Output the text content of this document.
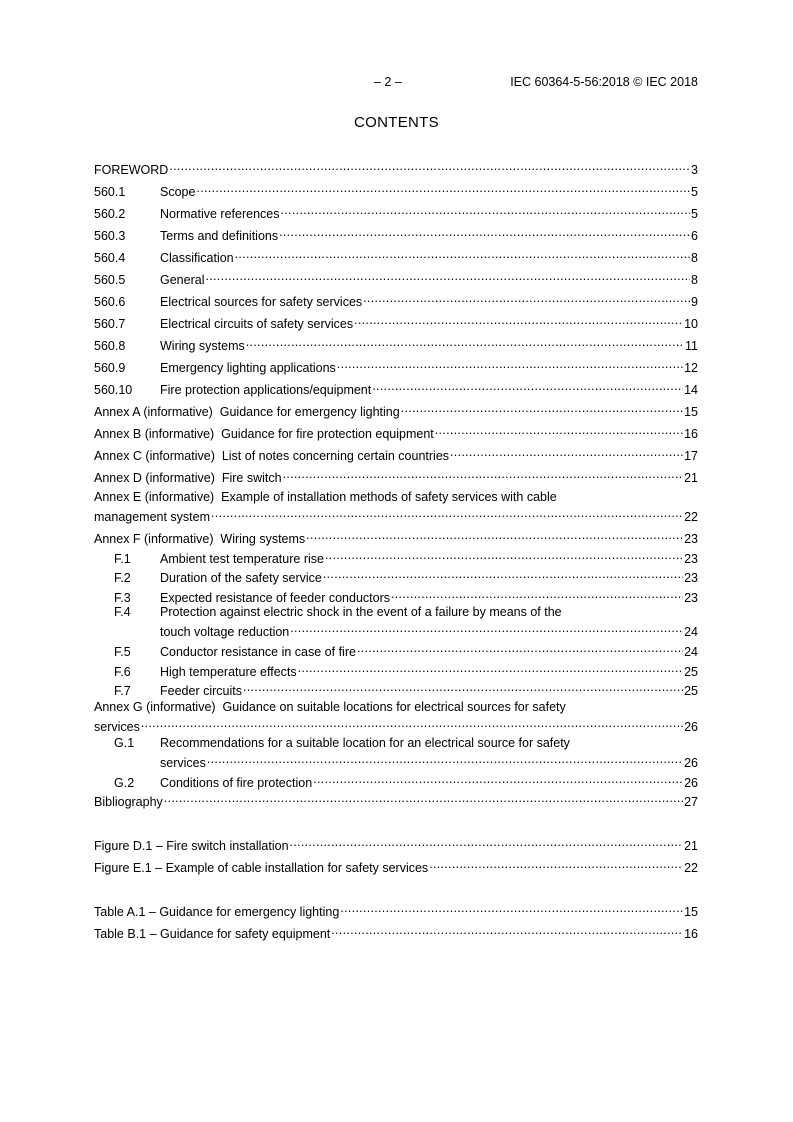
– 2 –	IEC 60364-5-56:2018 © IEC 2018
CONTENTS
FOREWORD .....	3
560.1	Scope .....	5
560.2	Normative references .....	5
560.3	Terms and definitions .....	6
560.4	Classification .....	8
560.5	General .....	8
560.6	Electrical sources for safety services .....	9
560.7	Electrical circuits of safety services .....	10
560.8	Wiring systems .....	11
560.9	Emergency lighting applications .....	12
560.10	Fire protection applications/equipment .....	14
Annex A (informative)  Guidance for emergency lighting .....	15
Annex B (informative)  Guidance for fire protection equipment .....	16
Annex C (informative)  List of notes concerning certain countries .....	17
Annex D (informative)  Fire switch .....	21
Annex E (informative)  Example of installation methods of safety services with cable
management system .....	22
Annex F (informative)  Wiring systems .....	23
F.1	Ambient test temperature rise .....	23
F.2	Duration of the safety service .....	23
F.3	Expected resistance of feeder conductors .....	23
F.4	Protection against electric shock in the event of a failure by means of the
touch voltage reduction .....	24
F.5	Conductor resistance in case of fire .....	24
F.6	High temperature effects .....	25
F.7	Feeder circuits .....	25
Annex G (informative)  Guidance on suitable locations for electrical sources for safety
services .....	26
G.1	Recommendations for a suitable location for an electrical source for safety
services .....	26
G.2	Conditions of fire protection .....	26
Bibliography .....	27
Figure D.1 – Fire switch installation .....	21
Figure E.1 – Example of cable installation for safety services .....	22
Table A.1 – Guidance for emergency lighting .....	15
Table B.1 – Guidance for safety equipment .....	16
